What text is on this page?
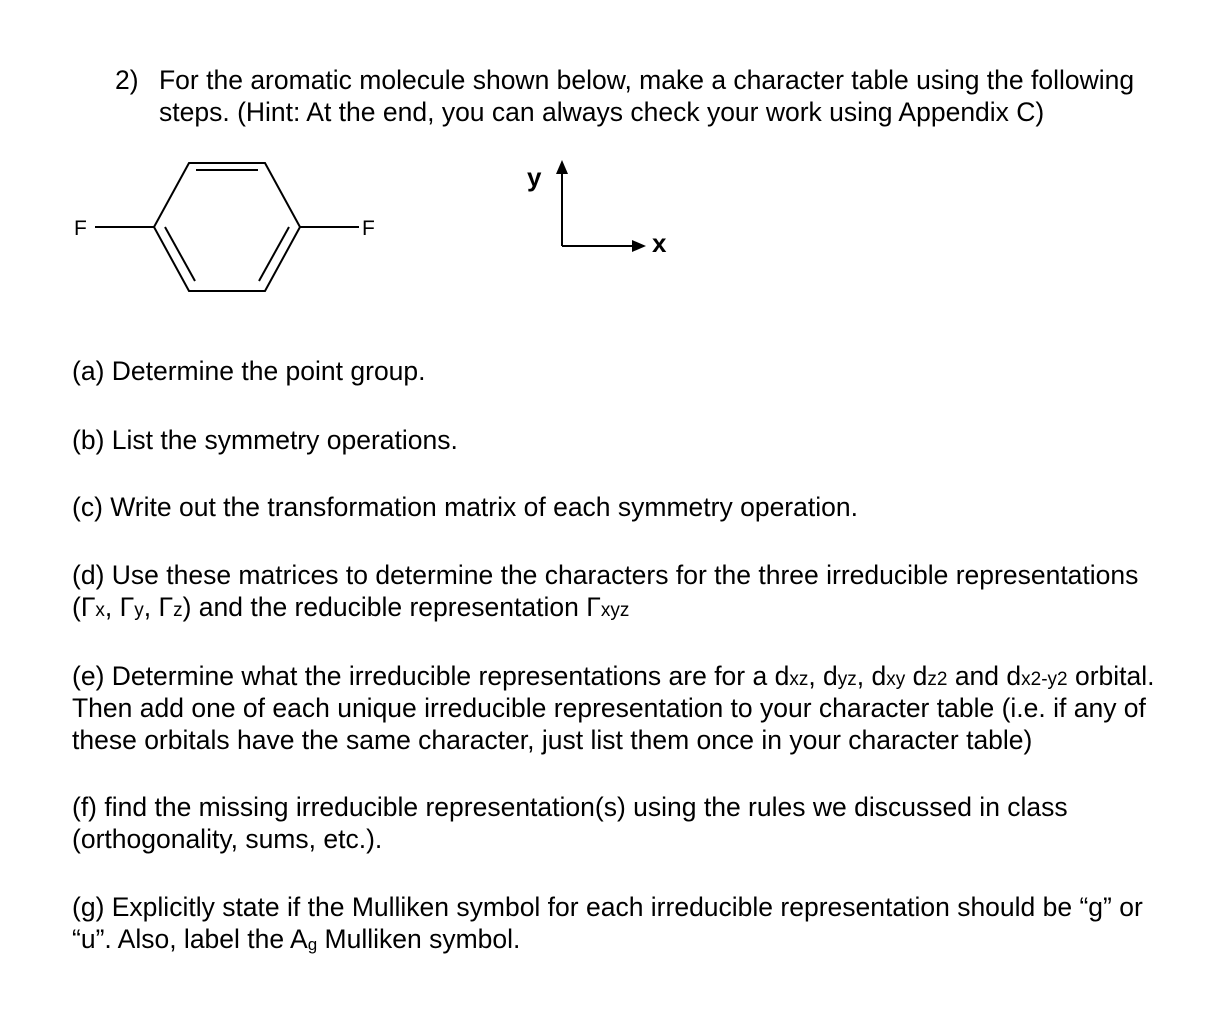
2) For the aromatic molecule shown below, make a character table using the following
steps. (Hint: At the end, you can always check your work using Appendix C)
F	F
y
x
(a) Determine the point group.
(b) List the symmetry operations.
(c) Write out the transformation matrix of each symmetry operation.
(d) Use these matrices to determine the characters for the three irreducible representations
(Γx, Γy, Γz) and the reducible representation Γxyz
(e) Determine what the irreducible representations are for a dxz, dyz, dxy dz2 and dx2-y2 orbital.
Then add one of each unique irreducible representation to your character table (i.e. if any of
these orbitals have the same character, just list them once in your character table)
(f) find the missing irreducible representation(s) using the rules we discussed in class
(orthogonality, sums, etc.).
(g) Explicitly state if the Mulliken symbol for each irreducible representation should be “g” or
“u”. Also, label the Ag Mulliken symbol.
